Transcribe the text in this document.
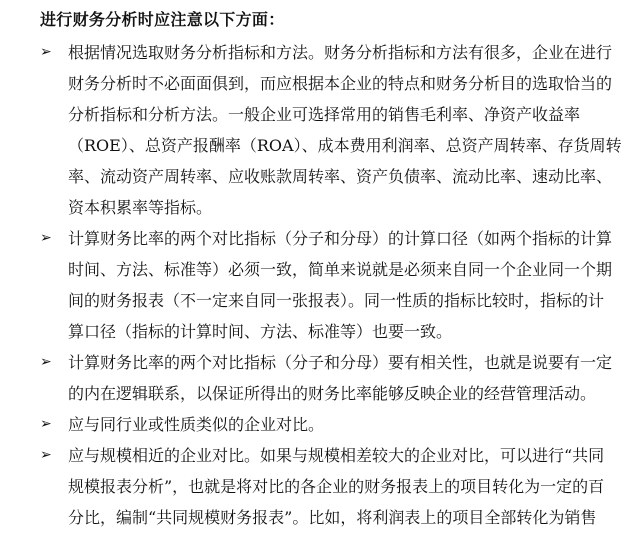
进行财务分析时应注意以下方面：
➢	根据情况选取财务分析指标和方法。财务分析指标和方法有很多，企业在进行
财务分析时不必面面俱到，而应根据本企业的特点和财务分析目的选取恰当的
分析指标和分析方法。一般企业可选择常用的销售毛利率、净资产收益率
（ROE）、总资产报酬率（ROA）、成本费用利润率、总资产周转率、存货周转
率、流动资产周转率、应收账款周转率、资产负债率、流动比率、速动比率、
资本积累率等指标。
➢	计算财务比率的两个对比指标（分子和分母）的计算口径（如两个指标的计算
时间、方法、标准等）必须一致，简单来说就是必须来自同一个企业同一个期
间的财务报表（不一定来自同一张报表）。同一性质的指标比较时，指标的计
算口径（指标的计算时间、方法、标准等）也要一致。
➢	计算财务比率的两个对比指标（分子和分母）要有相关性，也就是说要有一定
的内在逻辑联系，以保证所得出的财务比率能够反映企业的经营管理活动。
➢	应与同行业或性质类似的企业对比。
➢	应与规模相近的企业对比。如果与规模相差较大的企业对比，可以进行“共同
规模报表分析”，也就是将对比的各企业的财务报表上的项目转化为一定的百
分比，编制“共同规模财务报表”。比如，将利润表上的项目全部转化为销售
